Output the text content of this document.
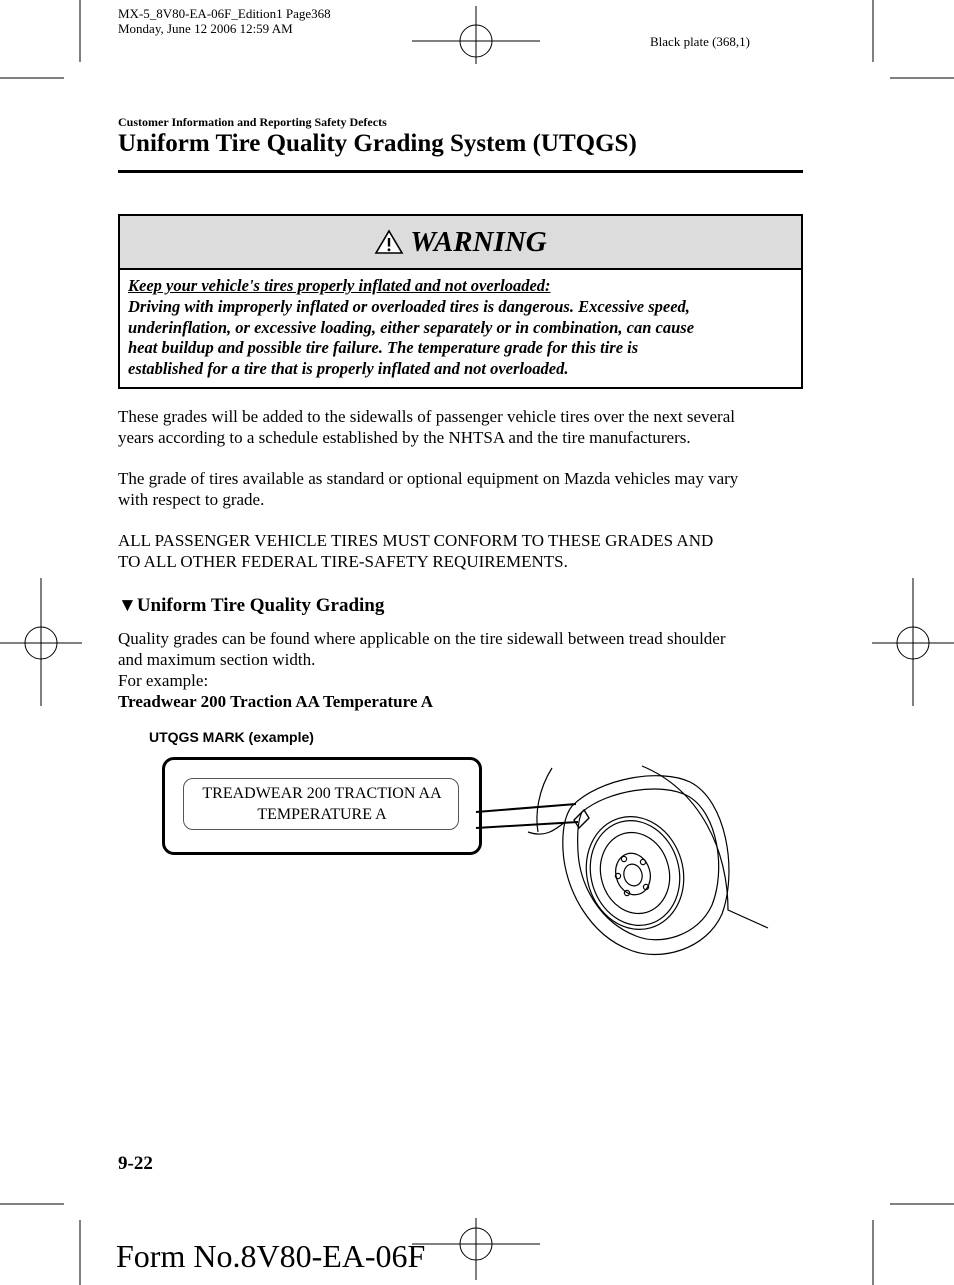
MX-5_8V80-EA-06F_Edition1 Page368
Monday, June 12 2006 12:59 AM
Black plate (368,1)
Customer Information and Reporting Safety Defects
Uniform Tire Quality Grading System (UTQGS)
WARNING
Keep your vehicle's tires properly inflated and not overloaded:
Driving with improperly inflated or overloaded tires is dangerous. Excessive speed,
underinflation, or excessive loading, either separately or in combination, can cause
heat buildup and possible tire failure. The temperature grade for this tire is
established for a tire that is properly inflated and not overloaded.
These grades will be added to the sidewalls of passenger vehicle tires over the next several
years according to a schedule established by the NHTSA and the tire manufacturers.
The grade of tires available as standard or optional equipment on Mazda vehicles may vary
with respect to grade.
ALL PASSENGER VEHICLE TIRES MUST CONFORM TO THESE GRADES AND
TO ALL OTHER FEDERAL TIRE-SAFETY REQUIREMENTS.
▼Uniform Tire Quality Grading
Quality grades can be found where applicable on the tire sidewall between tread shoulder
and maximum section width.
For example:
Treadwear 200 Traction AA Temperature A
UTQGS MARK (example)
TREADWEAR 200 TRACTION AA
TEMPERATURE A
9-22
Form No.8V80-EA-06F
